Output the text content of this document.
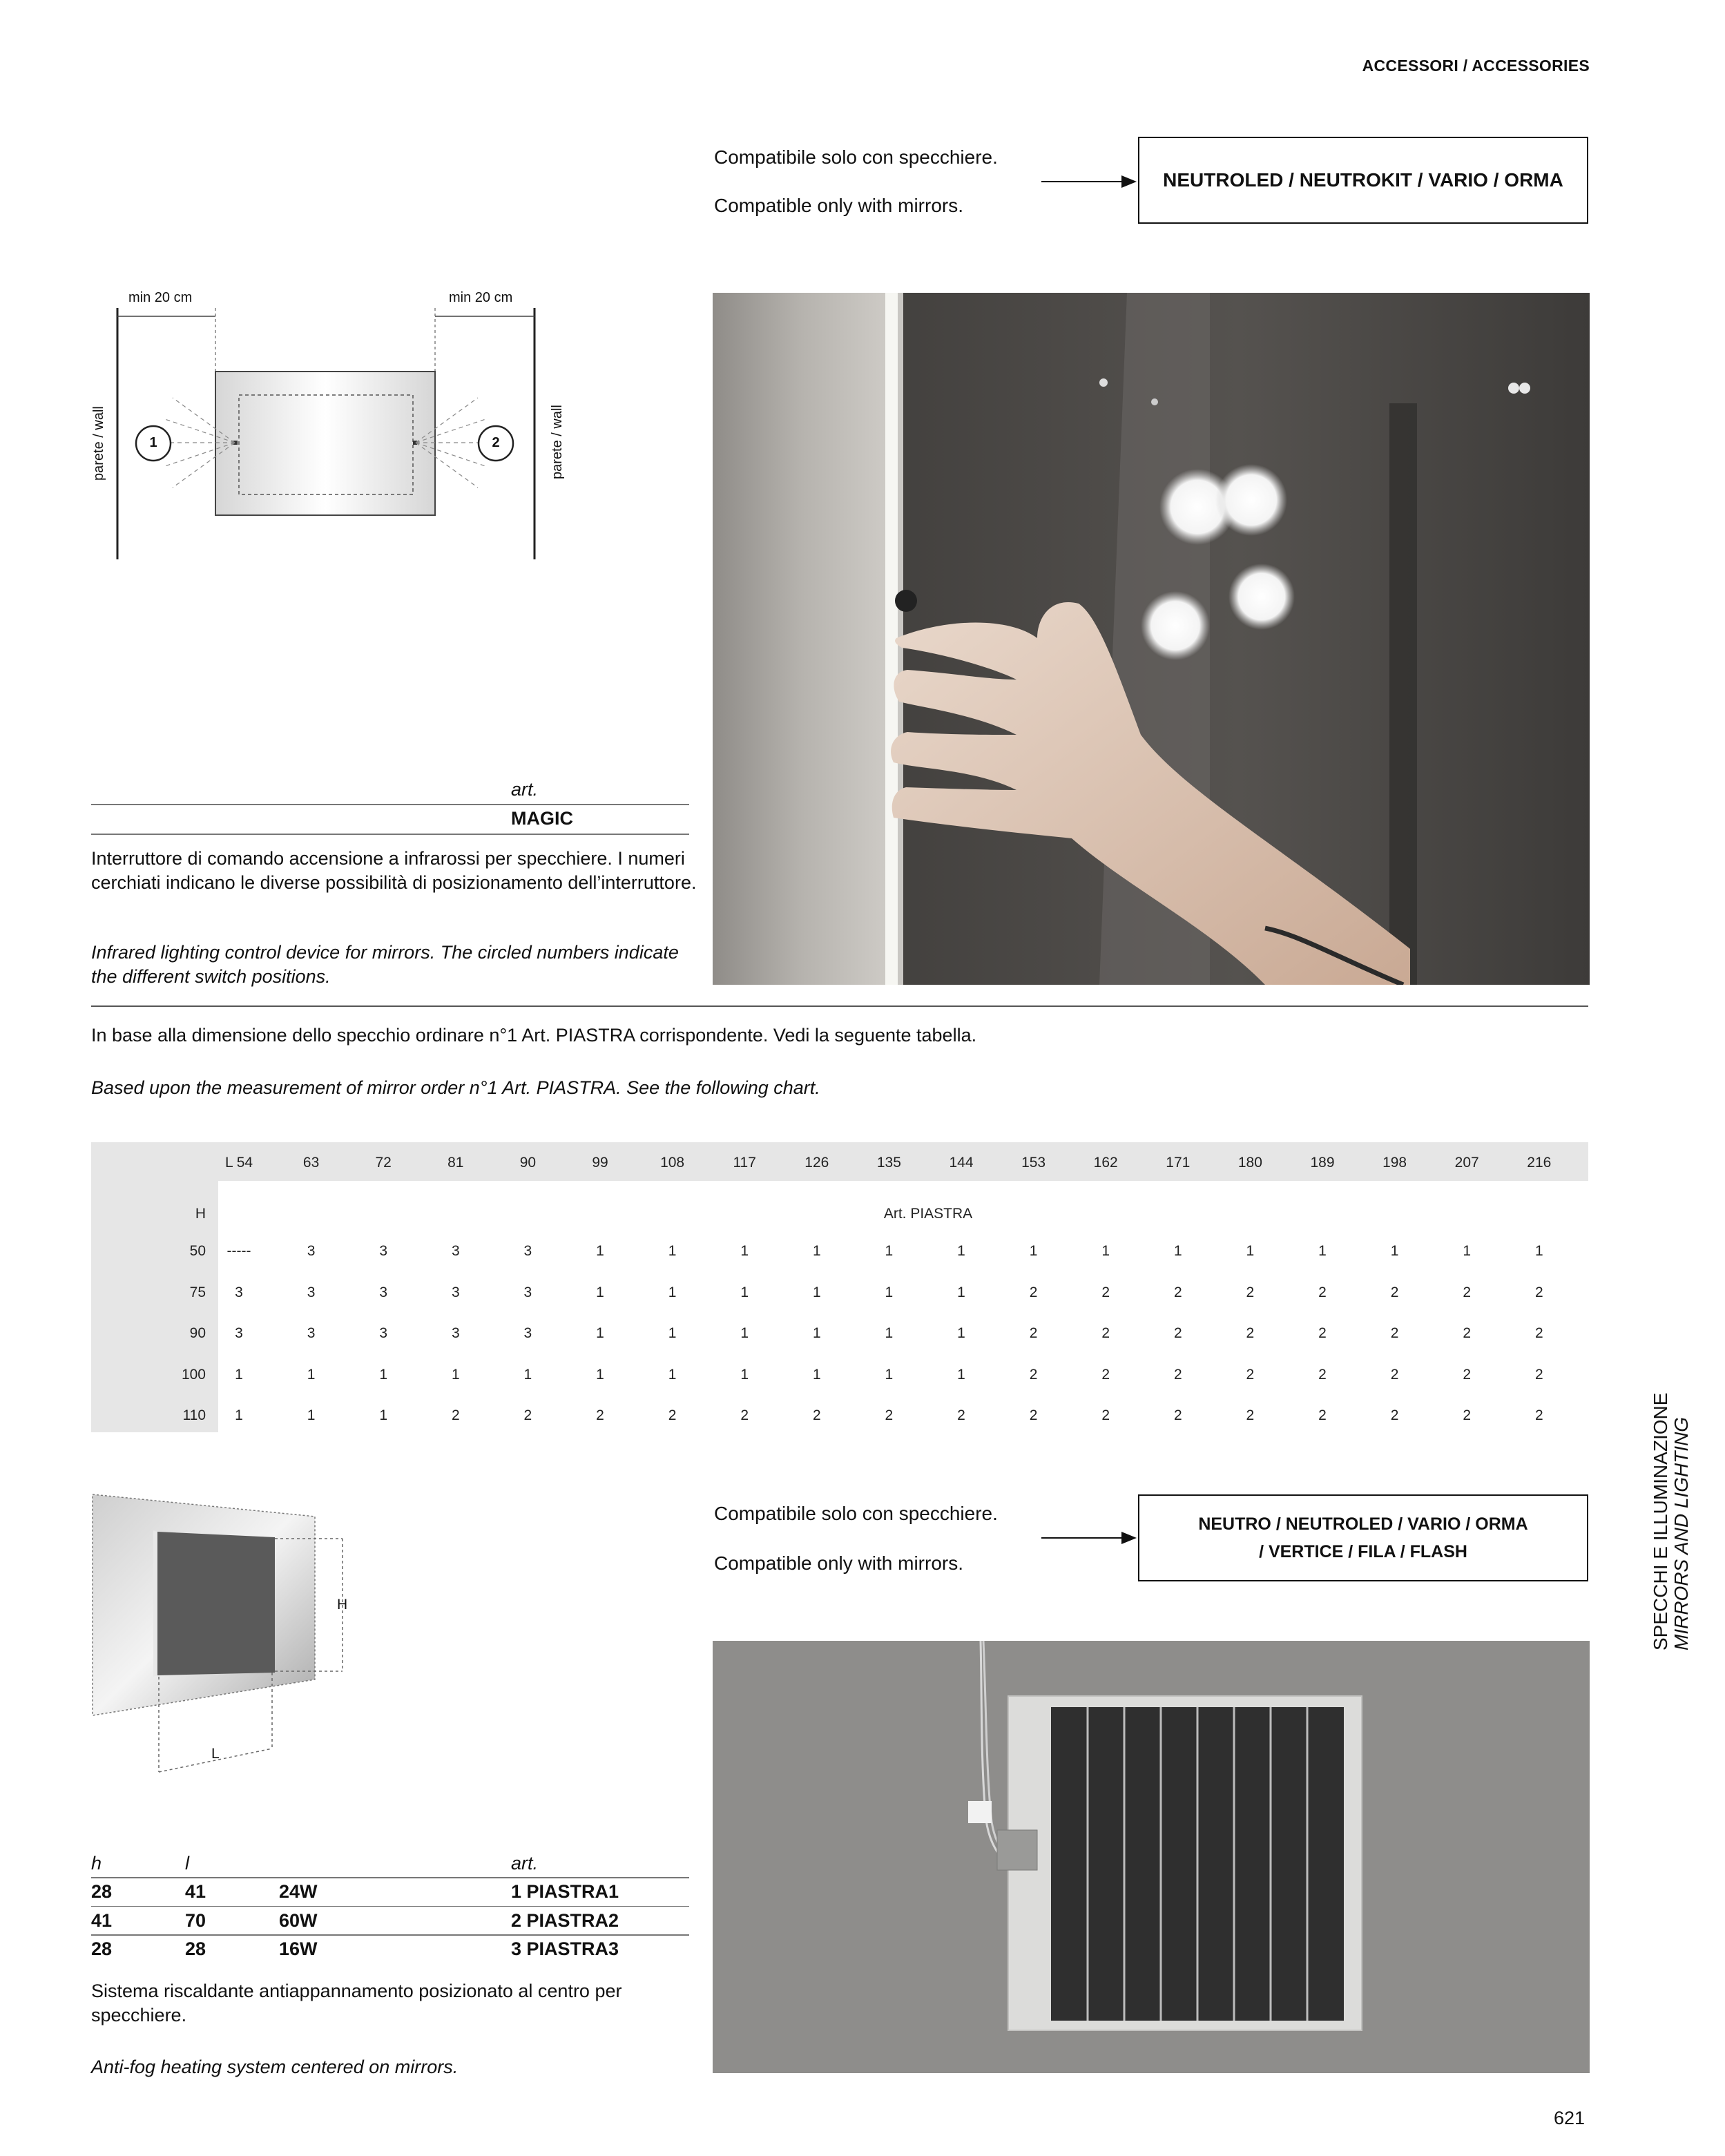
ACCESSORI / ACCESSORIES
Compatibile solo con specchiere.
Compatible only with mirrors.
NEUTROLED / NEUTROKIT / VARIO / ORMA
min 20 cm	min 20 cm
1	2
parete / wall	parete / wall
art.
MAGIC
Interruttore di comando accensione a infrarossi per specchiere. I numeri cerchiati indicano le diverse possibilità di posizionamento dell’interruttore.
Infrared lighting control device for mirrors. The circled numbers indicate the different switch positions.
In base alla dimensione dello specchio ordinare n°1 Art. PIASTRA corrispondente. Vedi la seguente tabella.
Based upon the measurement of mirror order n°1 Art. PIASTRA. See the following chart.
H	Art. PIASTRA
L 54	63	72	81	90	99	108	117	126	135	144	153	162	171	180	189	198	207	216
50	-----	3	3	3	3	1	1	1	1	1	1	1	1	1	1	1	1	1	1
75	3	3	3	3	3	1	1	1	1	1	1	2	2	2	2	2	2	2	2
90	3	3	3	3	3	1	1	1	1	1	1	2	2	2	2	2	2	2	2
100	1	1	1	1	1	1	1	1	1	1	1	2	2	2	2	2	2	2	2
110	1	1	1	2	2	2	2	2	2	2	2	2	2	2	2	2	2	2	2
Compatibile solo con specchiere.
Compatible only with mirrors.
NEUTRO / NEUTROLED / VARIO / ORMA
/ VERTICE / FILA / FLASH
H
L
h	l	art.
28	41	24W	1 PIASTRA1
41	70	60W	2 PIASTRA2
28	28	16W	3 PIASTRA3
Sistema riscaldante antiappannamento posizionato al centro per specchiere.
Anti-fog heating system centered on mirrors.
SPECCHI E ILLUMINAZIONE MIRRORS AND LIGHTING
621
